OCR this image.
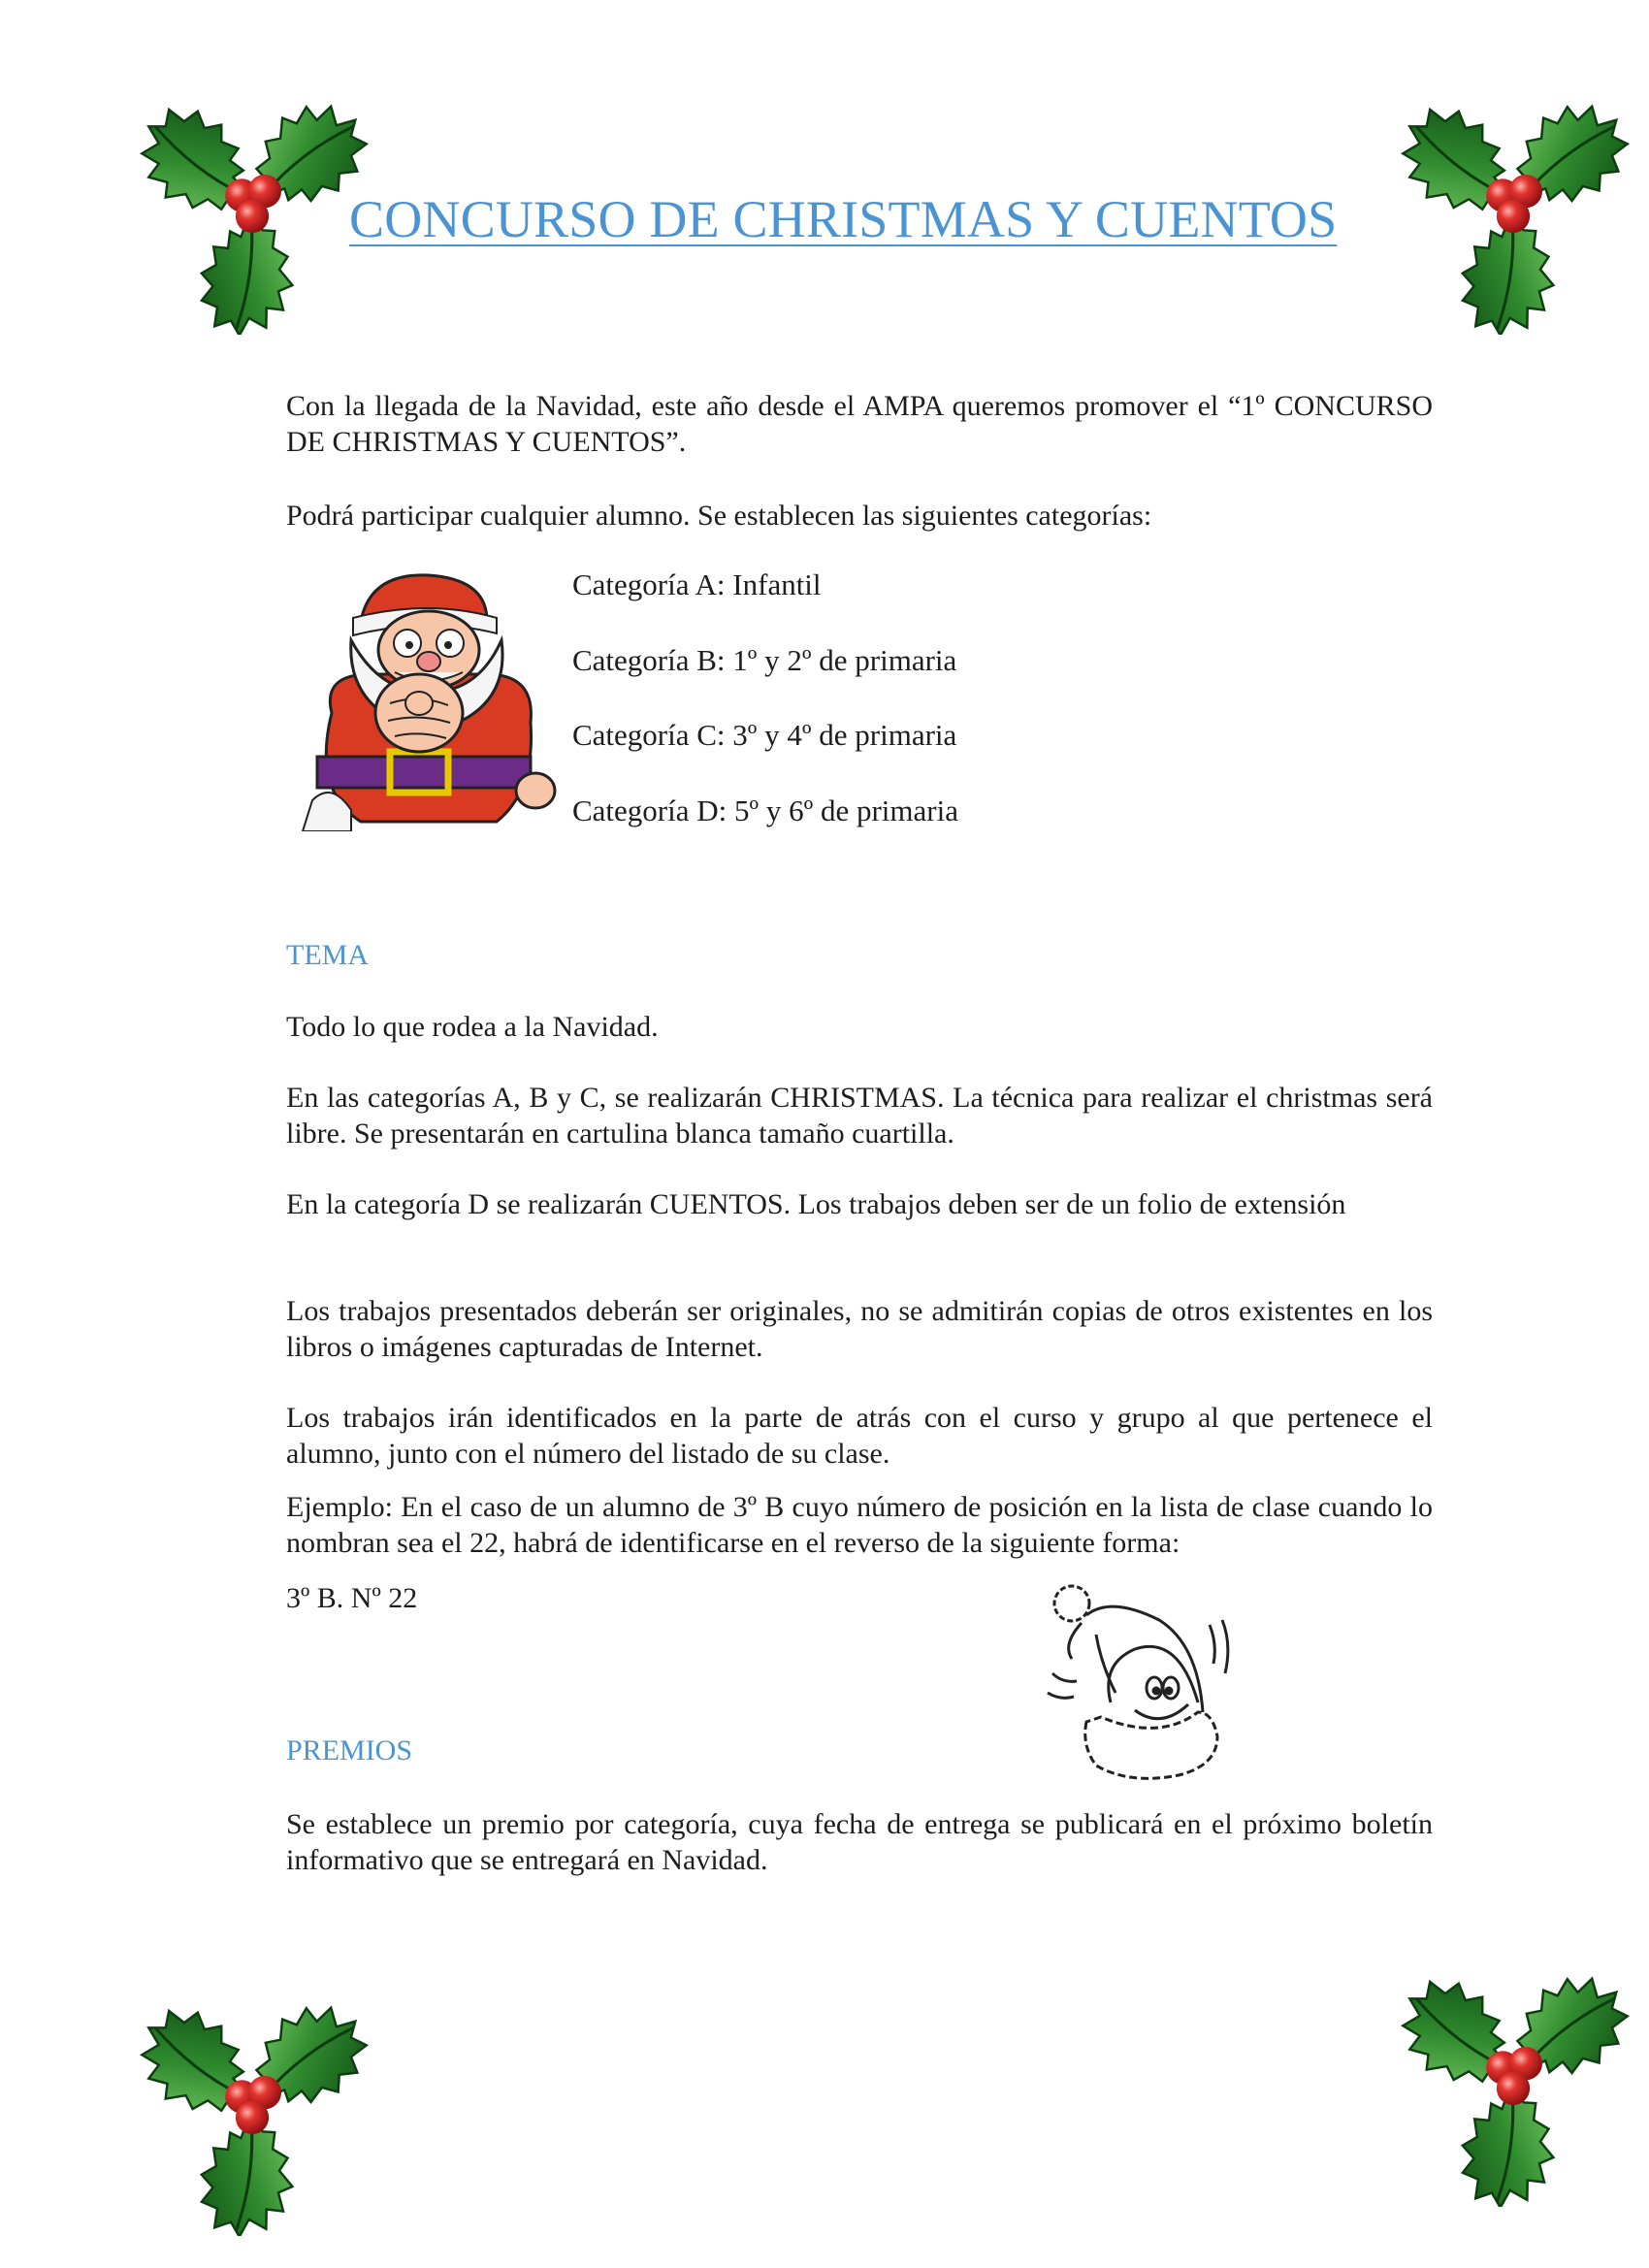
CONCURSO DE CHRISTMAS Y CUENTOS

Con la llegada de la Navidad, este año desde el AMPA queremos promover el “1º CONCURSO DE CHRISTMAS Y CUENTOS”.

Podrá participar cualquier alumno. Se establecen las siguientes categorías:

Categoría A: Infantil

Categoría B: 1º y 2º de primaria

Categoría C: 3º y 4º de primaria

Categoría D: 5º y 6º de primaria

TEMA

Todo lo que rodea a la Navidad.

En las categorías A, B y C, se realizarán CHRISTMAS. La técnica para realizar el christmas será libre. Se presentarán en cartulina blanca tamaño cuartilla.

En la categoría D se realizarán CUENTOS. Los trabajos deben ser de un folio de extensión

Los trabajos presentados deberán ser originales, no se admitirán copias de otros existentes en los libros o imágenes capturadas de Internet.

Los trabajos irán identificados en la parte de atrás con el curso y grupo al que pertenece el alumno, junto con el número del listado de su clase.

Ejemplo: En el caso de un alumno de 3º B cuyo número de posición en la lista de clase cuando lo nombran sea el 22, habrá de identificarse en el reverso de la siguiente forma:

3º B. Nº 22

PREMIOS

Se establece un premio por categoría, cuya fecha de entrega se publicará en el próximo boletín informativo que se entregará en Navidad.
